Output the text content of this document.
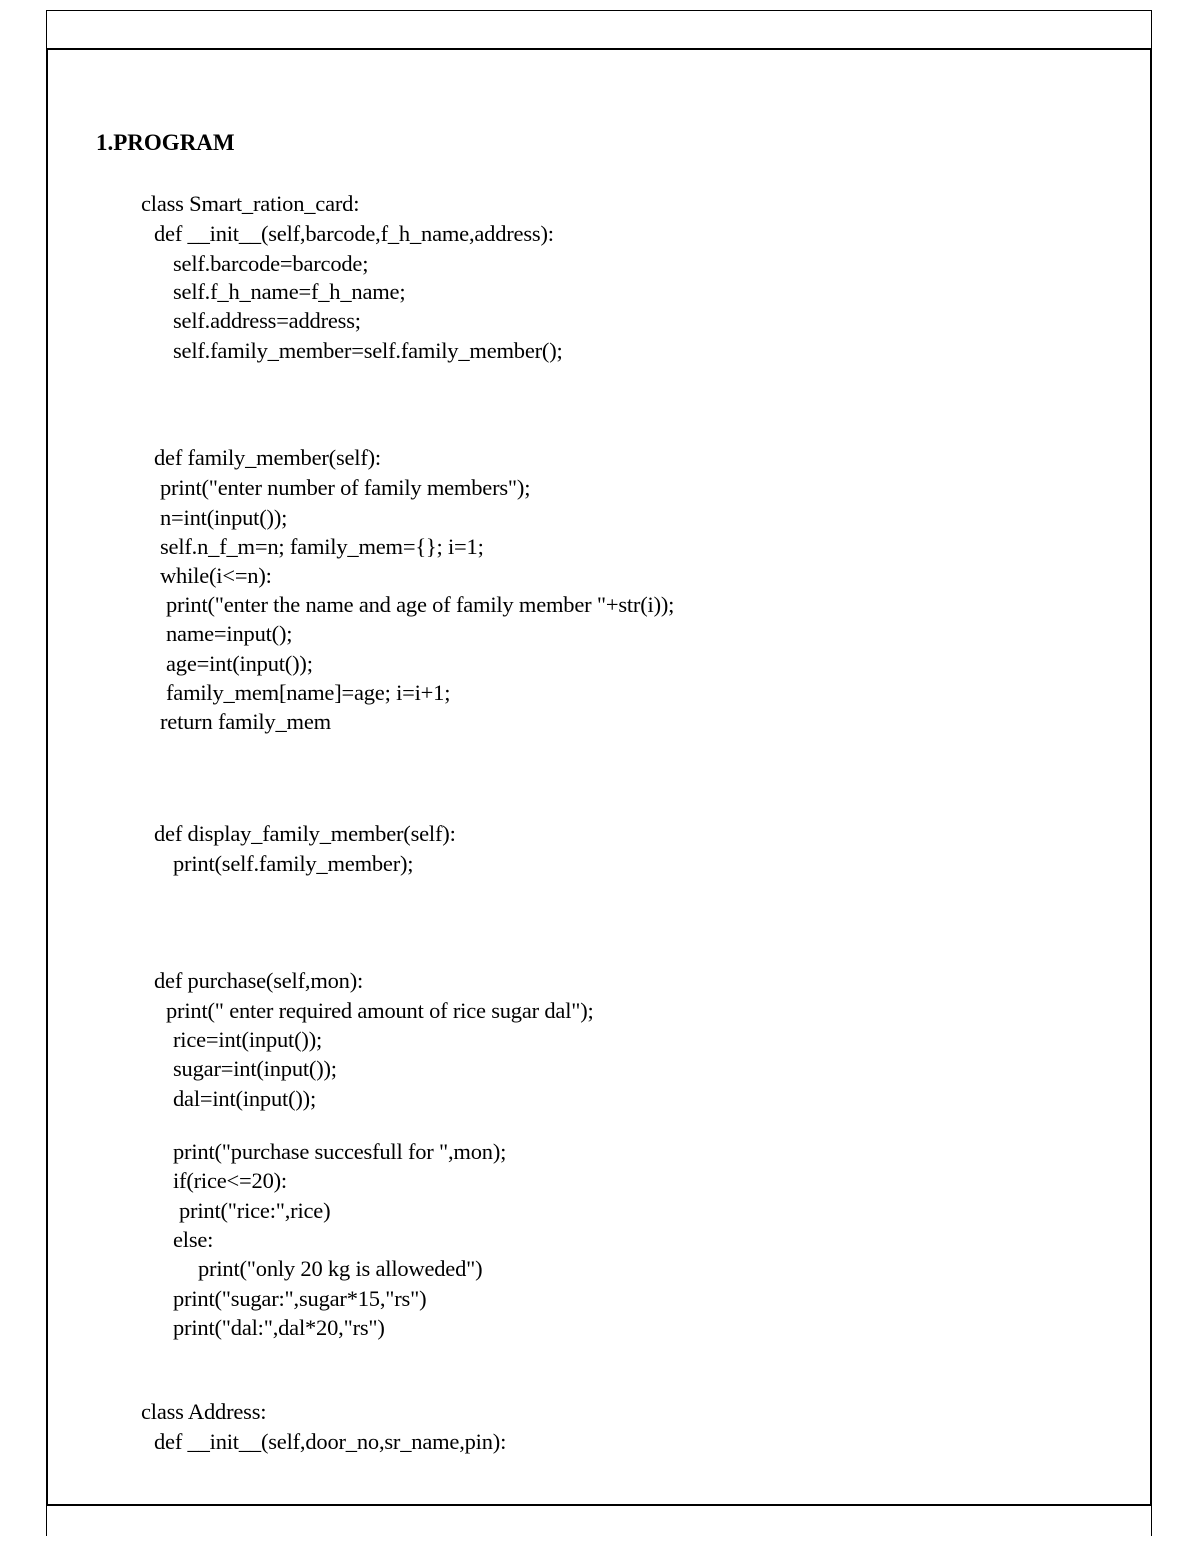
1.PROGRAM
class Smart_ration_card:
def __init__(self,barcode,f_h_name,address):
self.barcode=barcode;
self.f_h_name=f_h_name;
self.address=address;
self.family_member=self.family_member();
def family_member(self):
print("enter number of family members");
n=int(input());
self.n_f_m=n; family_mem={}; i=1;
while(i<=n):
print("enter the name and age of family member "+str(i));
name=input();
age=int(input());
family_mem[name]=age; i=i+1;
return family_mem
def display_family_member(self):
print(self.family_member);
def purchase(self,mon):
print(" enter required amount of rice sugar dal");
rice=int(input());
sugar=int(input());
dal=int(input());
print("purchase succesfull for ",mon);
if(rice<=20):
print("rice:",rice)
else:
print("only 20 kg is alloweded")
print("sugar:",sugar*15,"rs")
print("dal:",dal*20,"rs")
class Address:
def __init__(self,door_no,sr_name,pin):
